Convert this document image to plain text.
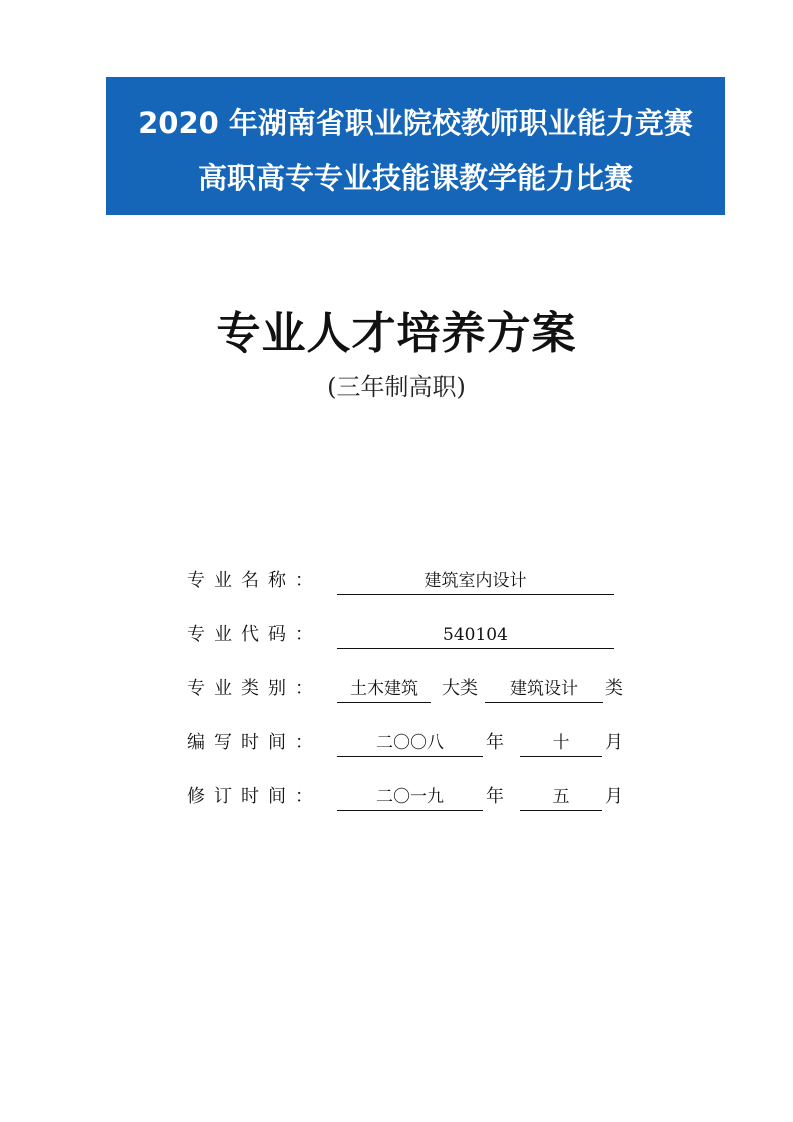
2020 年湖南省职业院校教师职业能力竞赛
高职高专专业技能课教学能力比赛
专业人才培养方案
(三年制高职)
专业名称：	建筑室内设计
专业代码：	540104
专业类别：	土木建筑	大类	建筑设计	类
编写时间：	二〇〇八	年	十	月
修订时间：	二〇一九	年	五	月
